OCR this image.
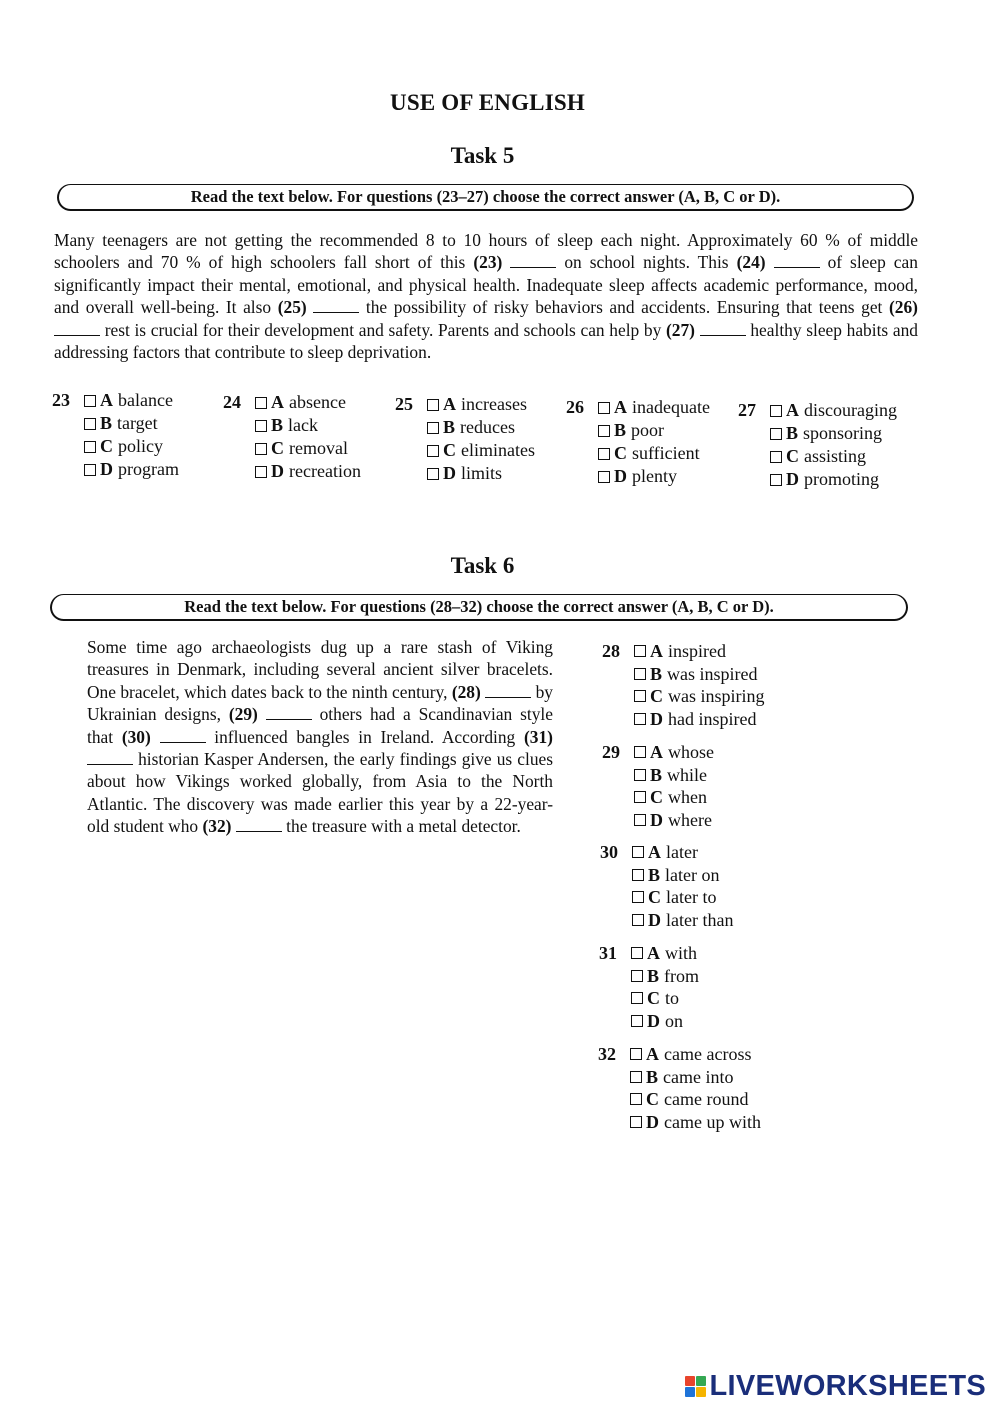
USE OF ENGLISH
Task 5
Read the text below. For questions (23–27) choose the correct answer (A, B, C or D).

Many teenagers are not getting the recommended 8 to 10 hours of sleep each night. Approximately 60 % of middle schoolers and 70 % of high schoolers fall short of this (23)	on school nights. This (24)	of sleep can significantly impact their mental, emotional, and physical health. Inadequate sleep affects academic performance, mood, and overall well-being. It also (25)	the possibility of risky behaviors and accidents. Ensuring that teens get (26)  rest is crucial for their development and safety. Parents and schools can help by (27)	healthy sleep habits and addressing factors that contribute to sleep deprivation.

23	A balance
B target
C policy
D program
24	A absence
B lack
C removal
D recreation
25	A increases
B reduces
C eliminates
D limits
26	A inadequate
B poor
C sufficient
D plenty
27	A discouraging
B sponsoring
C assisting
D promoting
Task 6
Read the text below. For questions (28–32) choose the correct answer (A, B, C or D).

Some time ago archaeologists dug up a rare stash of Viking treasures in Denmark, including several ancient silver bracelets. One bracelet, which dates back to the ninth century, (28)	by Ukrainian designs, (29)	others had a Scandinavian style that (30)	influenced bangles in Ireland. According (31)  historian Kasper Andersen, the early findings give us clues about how Vikings worked globally, from Asia to the North Atlantic. The discovery was made earlier this year by a 22-year-old student who (32)	the treasure with a metal detector.

28	A inspired
B was inspired
C was inspiring
D had inspired
29	A whose
B while
C when
D where
30	A later
B later on
C later to
D later than
31	A with
B from
C to
D on
32	A came across
B came into
C came round
D came up with
LIVEWORKSHEETS
